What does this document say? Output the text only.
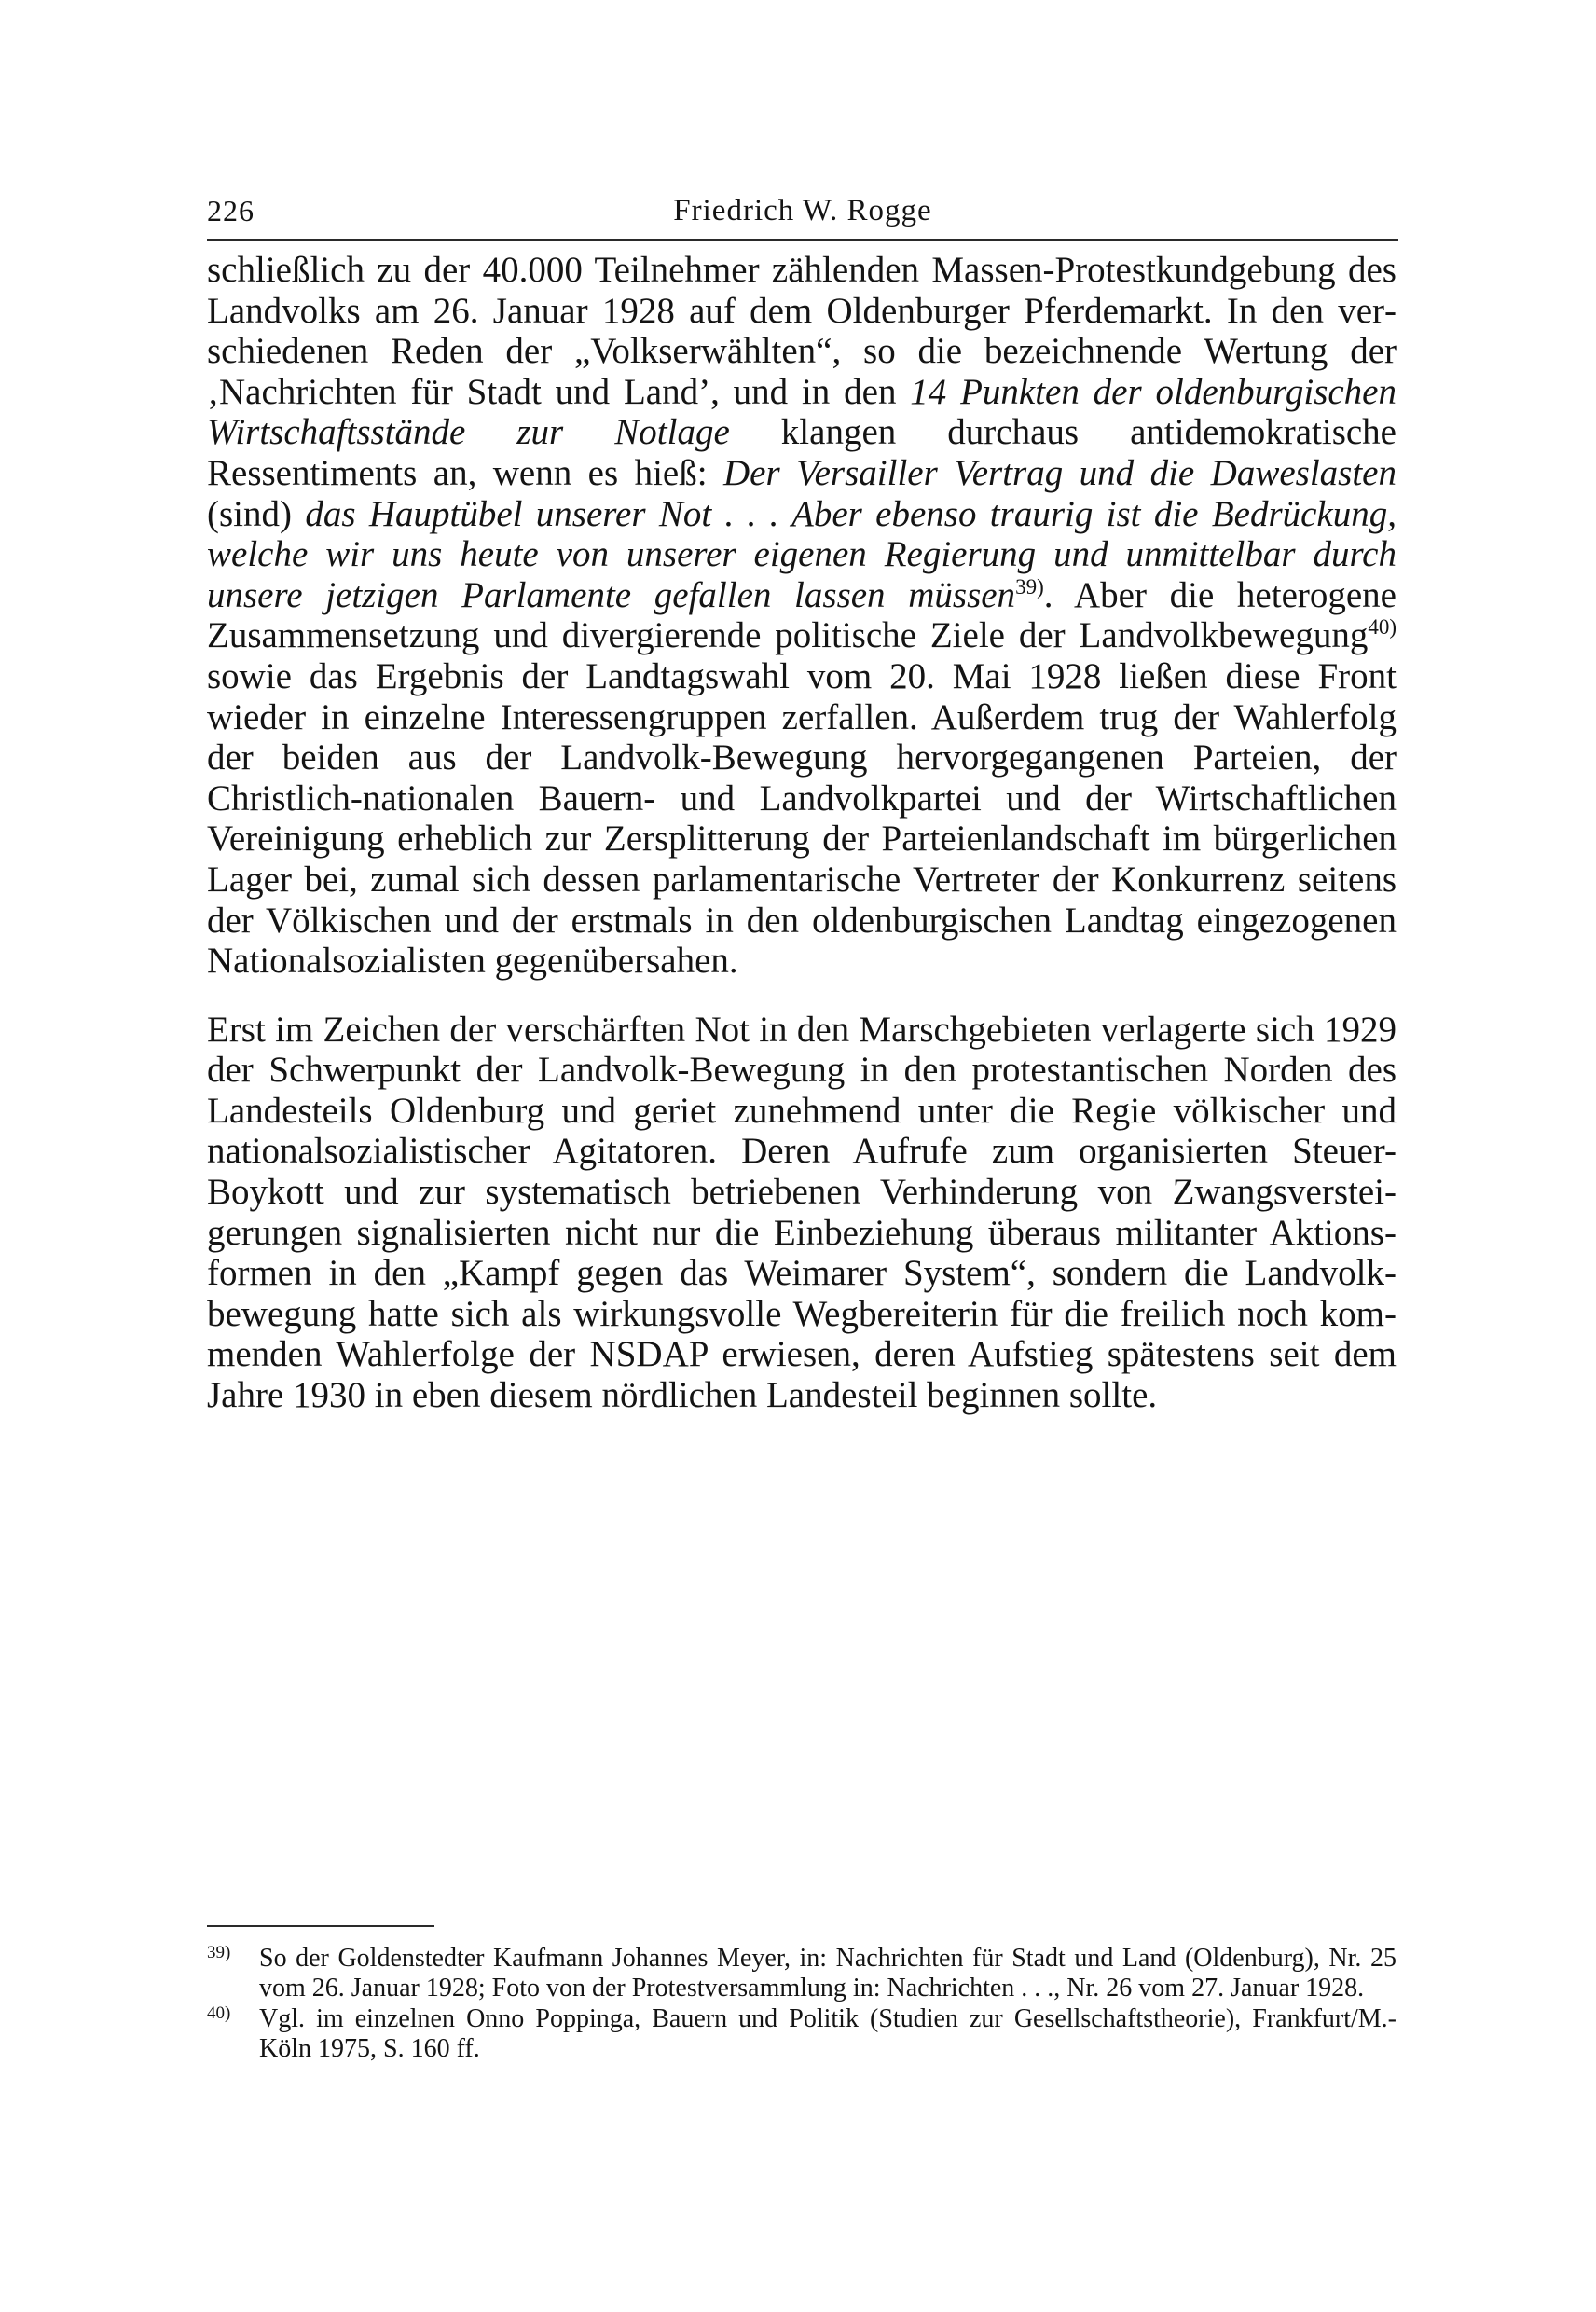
226	Friedrich W. Rogge

schließlich zu der 40.000 Teilnehmer zählenden Massen-Protestkundgebung des Landvolks am 26. Januar 1928 auf dem Oldenburger Pferdemarkt. In den verschiedenen Reden der „Volkserwählten“, so die bezeichnende Wertung der ‚Nachrichten für Stadt und Land’, und in den 14 Punkten der oldenburgischen Wirtschaftsstände zur Notlage klangen durchaus antidemokratische Ressentiments an, wenn es hieß: Der Versailler Vertrag und die Daweslasten (sind) das Hauptübel unserer Not . . . Aber ebenso traurig ist die Bedrückung, welche wir uns heute von unserer eigenen Regierung und unmittelbar durch unsere jetzigen Parlamente gefallen lassen müssen$^{39)}$. Aber die heterogene Zusammensetzung und divergierende politische Ziele der Landvolkbewegung$^{40)}$ sowie das Ergebnis der Landtagswahl vom 20. Mai 1928 ließen diese Front wieder in einzelne Interessengruppen zerfallen. Außerdem trug der Wahlerfolg der beiden aus der Landvolk-Bewegung hervorgegangenen Parteien, der Christlich-nationalen Bauern- und Landvolkpartei und der Wirtschaftlichen Vereinigung erheblich zur Zersplitterung der Parteienlandschaft im bürgerlichen Lager bei, zumal sich dessen parlamentarische Vertreter der Konkurrenz seitens der Völkischen und der erstmals in den oldenburgischen Landtag eingezogenen Nationalsozialisten gegenübersahen.

Erst im Zeichen der verschärften Not in den Marschgebieten verlagerte sich 1929 der Schwerpunkt der Landvolk-Bewegung in den protestantischen Norden des Landesteils Oldenburg und geriet zunehmend unter die Regie völkischer und nationalsozialistischer Agitatoren. Deren Aufrufe zum organisierten Steuer-Boykott und zur systematisch betriebenen Verhinderung von Zwangsversteigerungen signalisierten nicht nur die Einbeziehung überaus militanter Aktionsformen in den „Kampf gegen das Weimarer System“, sondern die Landvolkbewegung hatte sich als wirkungsvolle Wegbereiterin für die freilich noch kommenden Wahlerfolge der NSDAP erwiesen, deren Aufstieg spätestens seit dem Jahre 1930 in eben diesem nördlichen Landesteil beginnen sollte.

$^{39)}$ So der Goldenstedter Kaufmann Johannes Meyer, in: Nachrichten für Stadt und Land (Oldenburg), Nr. 25 vom 26. Januar 1928; Foto von der Protestversammlung in: Nachrichten . . ., Nr. 26 vom 27. Januar 1928.
$^{40)}$ Vgl. im einzelnen Onno Poppinga, Bauern und Politik (Studien zur Gesellschaftstheorie), Frankfurt/M.-Köln 1975, S. 160 ff.
